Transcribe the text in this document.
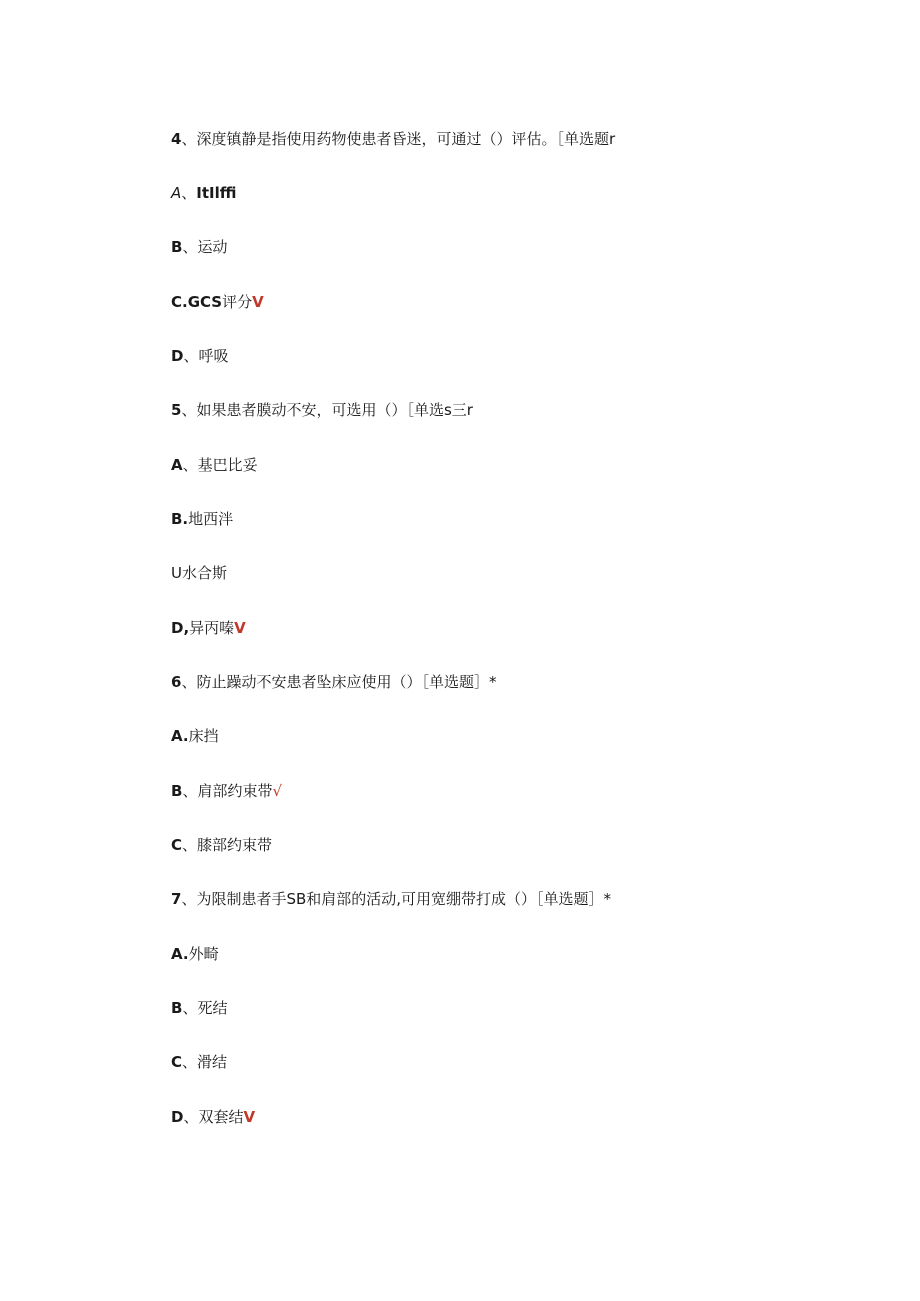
4、深度镇静是指使用药物使患者昏迷，可通过（）评估。［单选题r
A、ItIlffi
B、运动
C.GCS评分V
D、呼吸
5、如果患者膜动不安，可选用（）［单选s三r
A、基巴比妥
B.地西泮
U水合斯
D,异丙嗪V
6、防止躁动不安患者坠床应使用（）［单选题］*
A.床挡
B、肩部约束带√
C、膝部约束带
7、为限制患者手SB和肩部的活动,可用宽绷带打成（）［单选题］*
A.外畸
B、死结
C、滑结
D、双套结V
